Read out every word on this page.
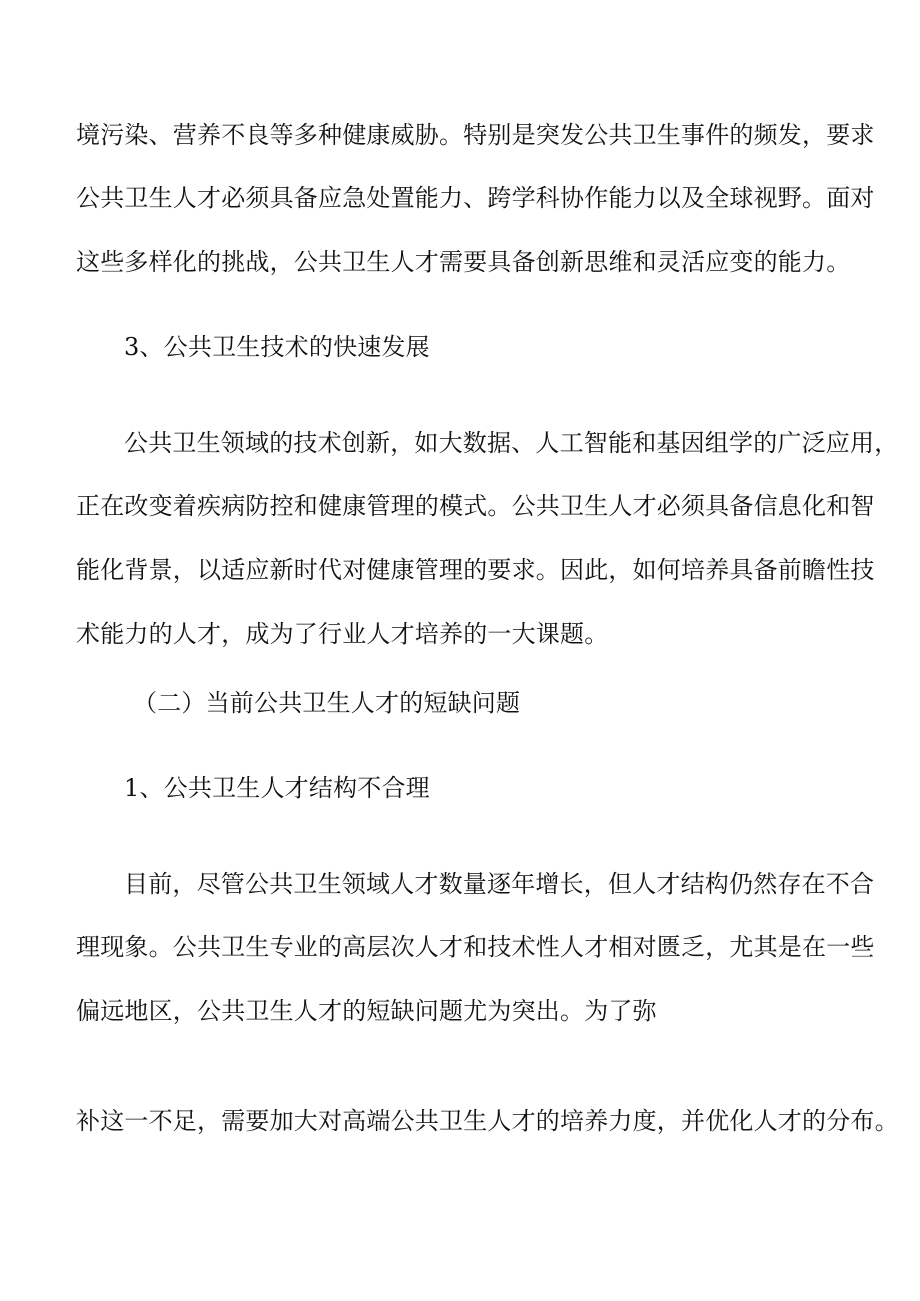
境污染、营养不良等多种健康威胁。特别是突发公共卫生事件的频发，要求

公共卫生人才必须具备应急处置能力、跨学科协作能力以及全球视野。面对

这些多样化的挑战，公共卫生人才需要具备创新思维和灵活应变的能力。

3、公共卫生技术的快速发展

公共卫生领域的技术创新，如大数据、人工智能和基因组学的广泛应用，

正在改变着疾病防控和健康管理的模式。公共卫生人才必须具备信息化和智

能化背景，以适应新时代对健康管理的要求。因此，如何培养具备前瞻性技

术能力的人才，成为了行业人才培养的一大课题。

（二）当前公共卫生人才的短缺问题

1、公共卫生人才结构不合理

目前，尽管公共卫生领域人才数量逐年增长，但人才结构仍然存在不合

理现象。公共卫生专业的高层次人才和技术性人才相对匮乏，尤其是在一些

偏远地区，公共卫生人才的短缺问题尤为突出。为了弥

补这一不足，需要加大对高端公共卫生人才的培养力度，并优化人才的分布。
